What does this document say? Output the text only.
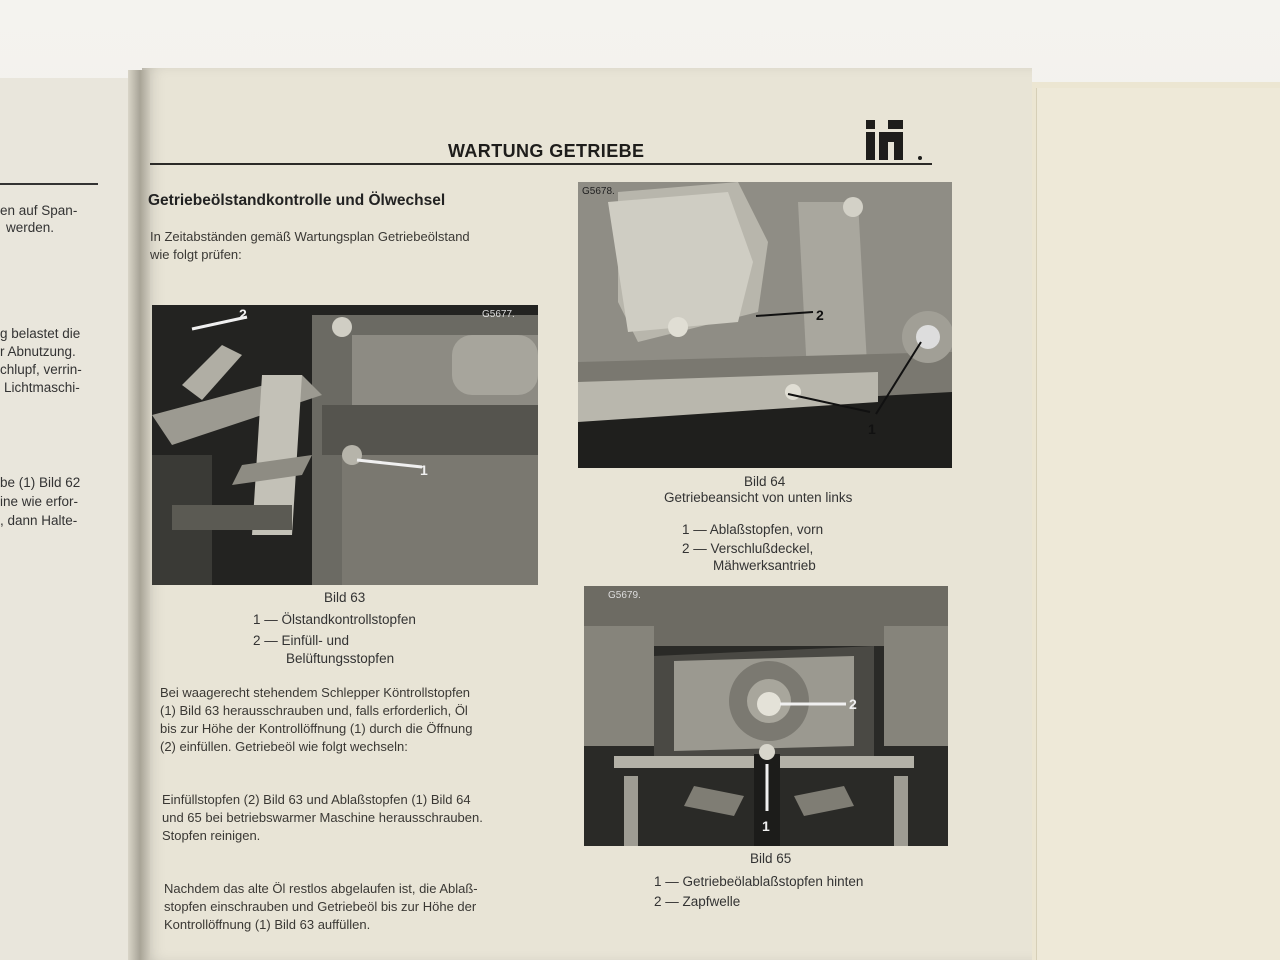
en auf Span-
werden.
g belastet die
r Abnutzung.
chlupf, verrin-
Lichtmaschi-
be (1) Bild 62
ine wie erfor-
, dann Halte-
WARTUNG GETRIEBE
Getriebeölstandkontrolle und Ölwechsel
In Zeitabständen gemäß Wartungsplan Getriebeölstand
wie folgt prüfen:
2
1
G5677.
Bild 63
1 — Ölstandkontrollstopfen
2 — Einfüll- und
Belüftungsstopfen
2
1
G5678.
Bild 64
Getriebeansicht von unten links
1 — Ablaßstopfen, vorn
2 — Verschlußdeckel,
Mähwerksantrieb
2
1
G5679.
Bild 65
1 — Getriebeölablaßstopfen hinten
2 — Zapfwelle
Bei waagerecht stehendem Schlepper Köntrollstopfen
(1) Bild 63 herausschrauben und, falls erforderlich, Öl
bis zur Höhe der Kontrollöffnung (1) durch die Öffnung
(2) einfüllen. Getriebeöl wie folgt wechseln:
Einfüllstopfen (2) Bild 63 und Ablaßstopfen (1) Bild 64
und 65 bei betriebswarmer Maschine herausschrauben.
Stopfen reinigen.
Nachdem das alte Öl restlos abgelaufen ist, die Ablaß-
stopfen einschrauben und Getriebeöl bis zur Höhe der
Kontrollöffnung (1) Bild 63 auffüllen.
